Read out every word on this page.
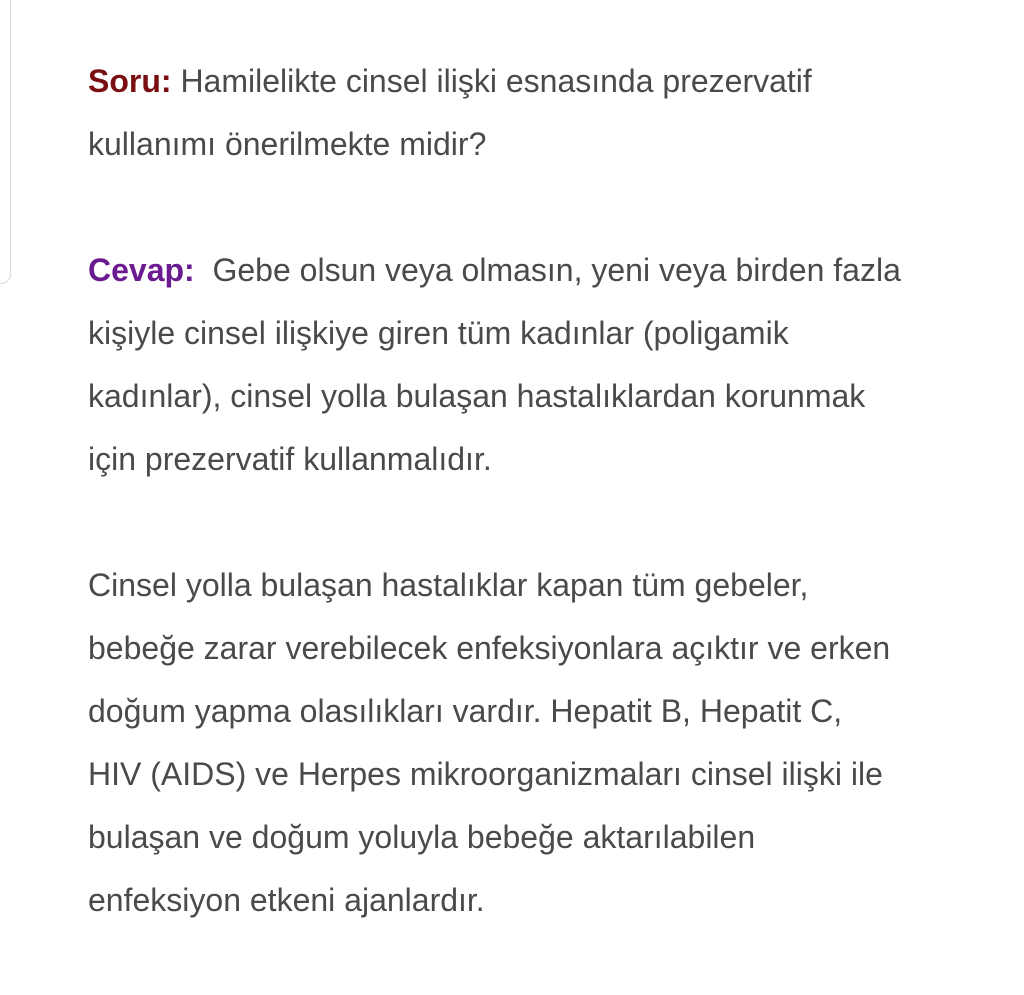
Soru: Hamilelikte cinsel ilişki esnasında prezervatif
kullanımı önerilmekte midir?

Cevap:  Gebe olsun veya olmasın, yeni veya birden fazla
kişiyle cinsel ilişkiye giren tüm kadınlar (poligamik
kadınlar), cinsel yolla bulaşan hastalıklardan korunmak
için prezervatif kullanmalıdır.

Cinsel yolla bulaşan hastalıklar kapan tüm gebeler,
bebeğe zarar verebilecek enfeksiyonlara açıktır ve erken
doğum yapma olasılıkları vardır. Hepatit B, Hepatit C,
HIV (AIDS) ve Herpes mikroorganizmaları cinsel ilişki ile
bulaşan ve doğum yoluyla bebeğe aktarılabilen
enfeksiyon etkeni ajanlardır.
